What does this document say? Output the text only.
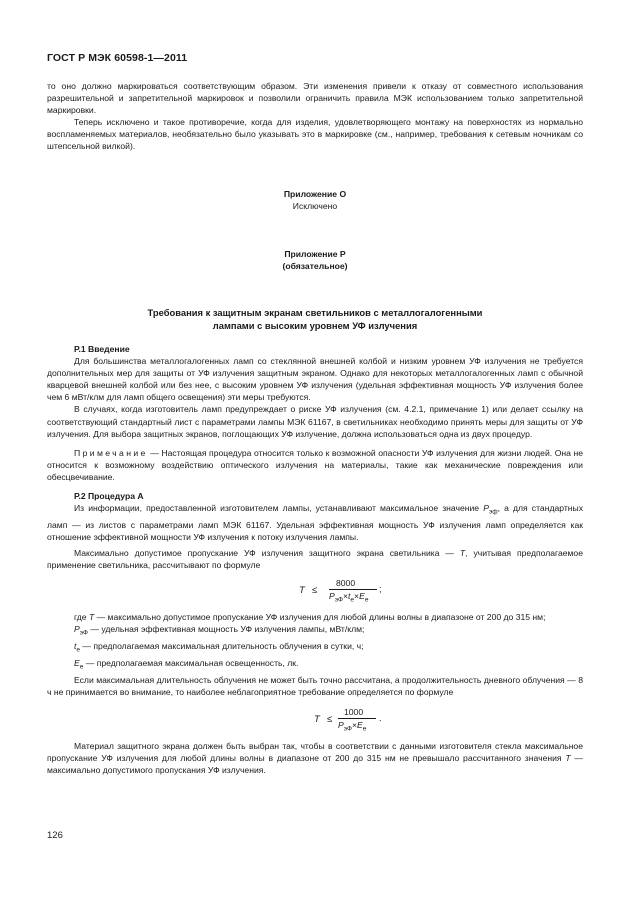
ГОСТ Р МЭК 60598-1—2011

то оно должно маркироваться соответствующим образом. Эти изменения привели к отказу от совместного использования разрешительной и запретительной маркировок и позволили ограничить правила МЭК использованием только запретительной маркировки.

Теперь исключено и такое противоречие, когда для изделия, удовлетворяющего монтажу на поверхностях из нормально воспламеняемых материалов, необязательно было указывать это в маркировке (см., например, требования к сетевым ночникам со штепсельной вилкой).

Приложение О

Исключено

Приложение Р

(обязательное)

Требования к защитным экранам светильников с металлогалогенными

лампами с высоким уровнем УФ излучения

Р.1 Введение

Для большинства металлогалогенных ламп со стеклянной внешней колбой и низким уровнем УФ излучения не требуется дополнительных мер для защиты от УФ излучения защитным экраном. Однако для некоторых металлогалогенных ламп с обычной кварцевой внешней колбой или без нее, с высоким уровнем УФ излучения (удельная эффективная мощность УФ излучения более чем 6 мВт/клм для ламп общего освещения) эти меры требуются.

В случаях, когда изготовитель ламп предупреждает о риске УФ излучения (см. 4.2.1, примечание 1) или делает ссылку на соответствующий стандартный лист с параметрами лампы МЭК 61167, в светильниках необходимо принять меры для защиты от УФ излучения. Для выбора защитных экранов, поглощающих УФ излучение, должна использоваться одна из двух процедур.

Примечание — Настоящая процедура относится только к возможной опасности УФ излучения для жизни людей. Она не относится к возможному воздействию оптического излучения на материалы, такие как механические повреждения или обесцвечивание.

Р.2 Процедура А

Из информации, предоставленной изготовителем лампы, устанавливают максимальное значение $Р_{эф}$, а для стандартных ламп — из листов с параметрами ламп МЭК 61167. Удельная эффективная мощность УФ излучения ламп определяется как отношение эффективной мощности УФ излучения к потоку излучения лампы.

Максимально допустимое пропускание УФ излучения защитного экрана светильника — Т, учитывая предполагаемое применение светильника, рассчитывают по формуле

T ≤
8000
$P_{эФ}\times t_e\times E_e$
;

где Т — максимально допустимое пропускание УФ излучения для любой длины волны в диапазоне от 200 до 315 нм;

$Р_{эФ}$ — удельная эффективная мощность УФ излучения лампы, мВт/клм;

$t_e$ — предполагаемая максимальная длительность облучения в сутки, ч;

$E_e$ — предполагаемая максимальная освещенность, лк.

Если максимальная длительность облучения не может быть точно рассчитана, а продолжительность дневного облучения — 8 ч не принимается во внимание, то наиболее неблагоприятное требование определяется по формуле

T ≤
1000
$P_{эФ}\times E_e$
.

Материал защитного экрана должен быть выбран так, чтобы в соответствии с данными изготовителя стекла максимальное пропускание УФ излучения для любой длины волны в диапазоне от 200 до 315 нм не превышало рассчитанного значения Т — максимально допустимого пропускания УФ излучения.

126
